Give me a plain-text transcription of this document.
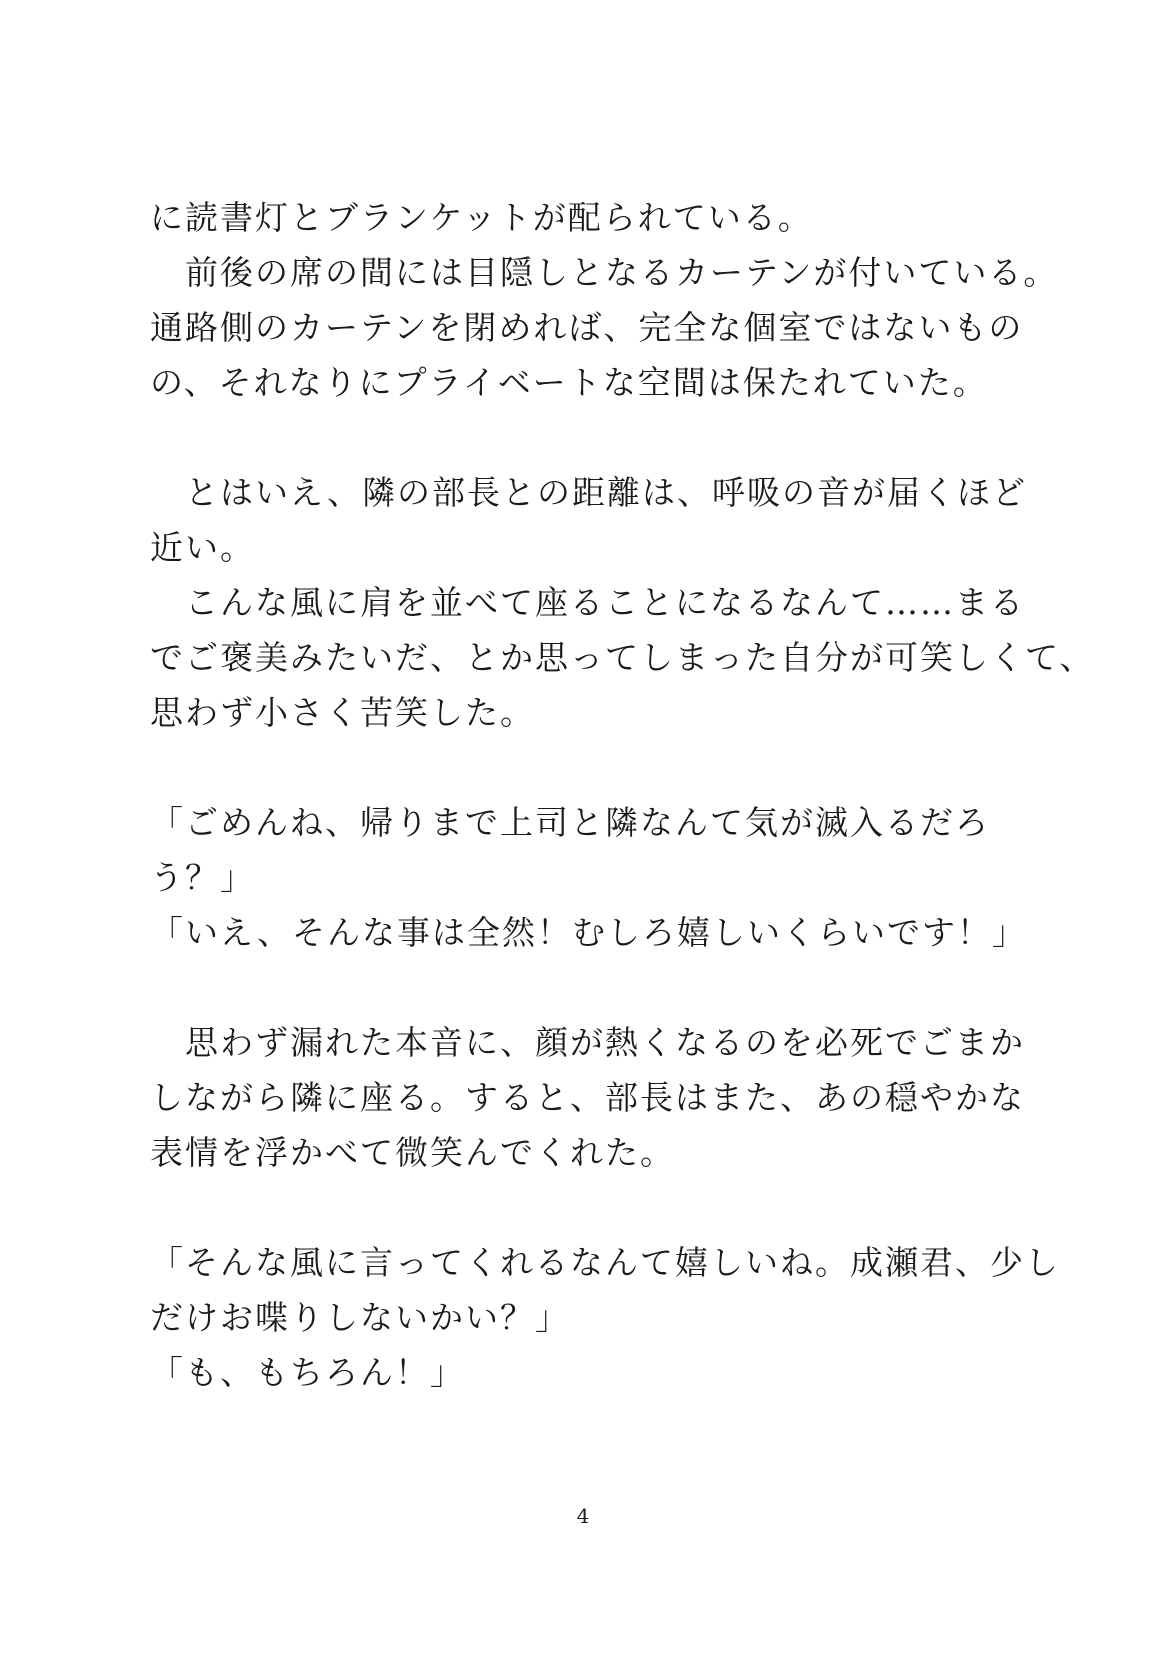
に読書灯とブランケットが配られている。
　前後の席の間には目隠しとなるカーテンが付いている。
通路側のカーテンを閉めれば、完全な個室ではないもの
の、それなりにプライベートな空間は保たれていた。
　とはいえ、隣の部長との距離は、呼吸の音が届くほど
近い。
　こんな風に肩を並べて座ることになるなんて……まる
でご褒美みたいだ、とか思ってしまった自分が可笑しくて、
思わず小さく苦笑した。
「ごめんね、帰りまで上司と隣なんて気が滅入るだろ
う？」
「いえ、そんな事は全然！むしろ嬉しいくらいです！」
　思わず漏れた本音に、顔が熱くなるのを必死でごまか
しながら隣に座る。すると、部長はまた、あの穏やかな
表情を浮かべて微笑んでくれた。
「そんな風に言ってくれるなんて嬉しいね。成瀬君、少し
だけお喋りしないかい？」
「も、もちろん！」
4
